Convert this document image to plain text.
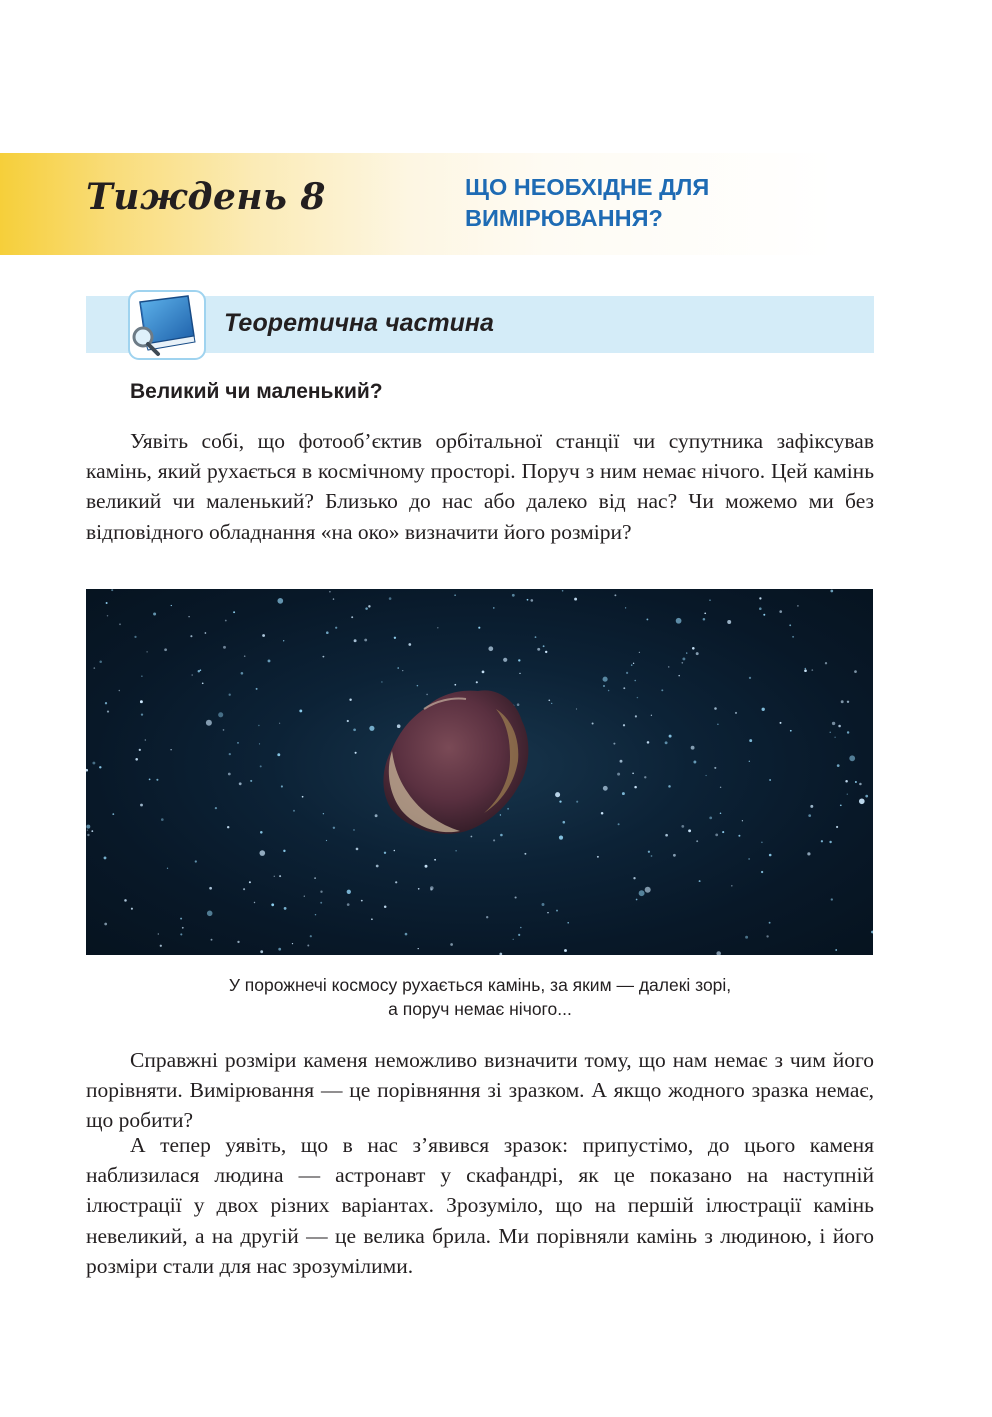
Тиждень 8	ЩО НЕОБХІДНЕ ДЛЯ
ВИМІРЮВАННЯ?
Теоретична частина
Великий чи маленький?

Уявіть собі, що фотооб’єктив орбітальної станції чи супутника зафіксував камінь, який рухається в космічному просторі. Поруч з ним немає нічого. Цей камінь великий чи маленький? Близько до нас або далеко від нас? Чи можемо ми без відповідного обладнання «на око» визначити його розміри?

У порожнечі космосу рухається камінь, за яким — далекі зорі,
а поруч немає нічого...

Справжні розміри каменя неможливо визначити тому, що нам немає з чим його порівняти. Вимірювання — це порівняння зі зразком. А якщо жодного зразка немає, що робити?

А тепер уявіть, що в нас з’явився зразок: припустімо, до цього каменя наблизилася людина — астронавт у скафандрі, як це показано на наступній ілюстрації у двох різних варіантах. Зрозуміло, що на першій ілюстрації камінь невеликий, а на другій — це велика брила. Ми порівняли камінь з людиною, і його розміри стали для нас зрозумілими.
